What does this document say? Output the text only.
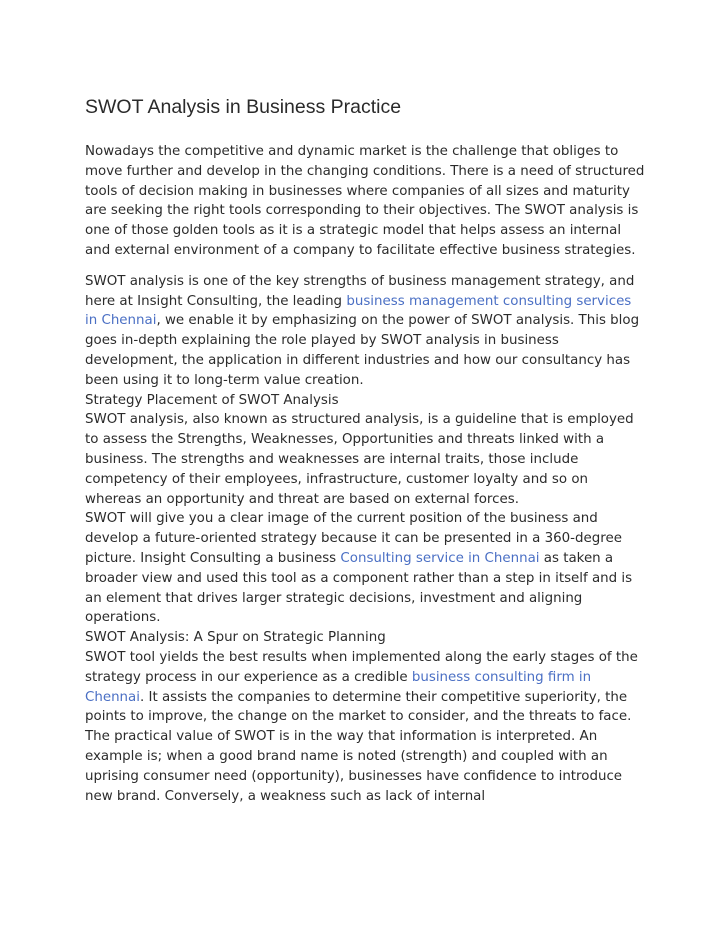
SWOT Analysis in Business Practice

Nowadays the competitive and dynamic market is the challenge that obliges to move further and develop in the changing conditions. There is a need of structured tools of decision making in businesses where companies of all sizes and maturity are seeking the right tools corresponding to their objectives. The SWOT analysis is one of those golden tools as it is a strategic model that helps assess an internal and external environment of a company to facilitate effective business strategies.

SWOT analysis is one of the key strengths of business management strategy, and here at Insight Consulting, the leading business management consulting services in Chennai, we enable it by emphasizing on the power of SWOT analysis. This blog goes in-depth explaining the role played by SWOT analysis in business development, the application in different industries and how our consultancy has been using it to long-term value creation.

Strategy Placement of SWOT Analysis

SWOT analysis, also known as structured analysis, is a guideline that is employed to assess the Strengths, Weaknesses, Opportunities and threats linked with a business. The strengths and weaknesses are internal traits, those include competency of their employees, infrastructure, customer loyalty and so on whereas an opportunity and threat are based on external forces.

SWOT will give you a clear image of the current position of the business and develop a future-oriented strategy because it can be presented in a 360-degree picture. Insight Consulting a business Consulting service in Chennai as taken a broader view and used this tool as a component rather than a step in itself and is an element that drives larger strategic decisions, investment and aligning operations.

SWOT Analysis: A Spur on Strategic Planning

SWOT tool yields the best results when implemented along the early stages of the strategy process in our experience as a credible business consulting firm in Chennai. It assists the companies to determine their competitive superiority, the points to improve, the change on the market to consider, and the threats to face.

The practical value of SWOT is in the way that information is interpreted. An example is; when a good brand name is noted (strength) and coupled with an uprising consumer need (opportunity), businesses have confidence to introduce new brand. Conversely, a weakness such as lack of internal
